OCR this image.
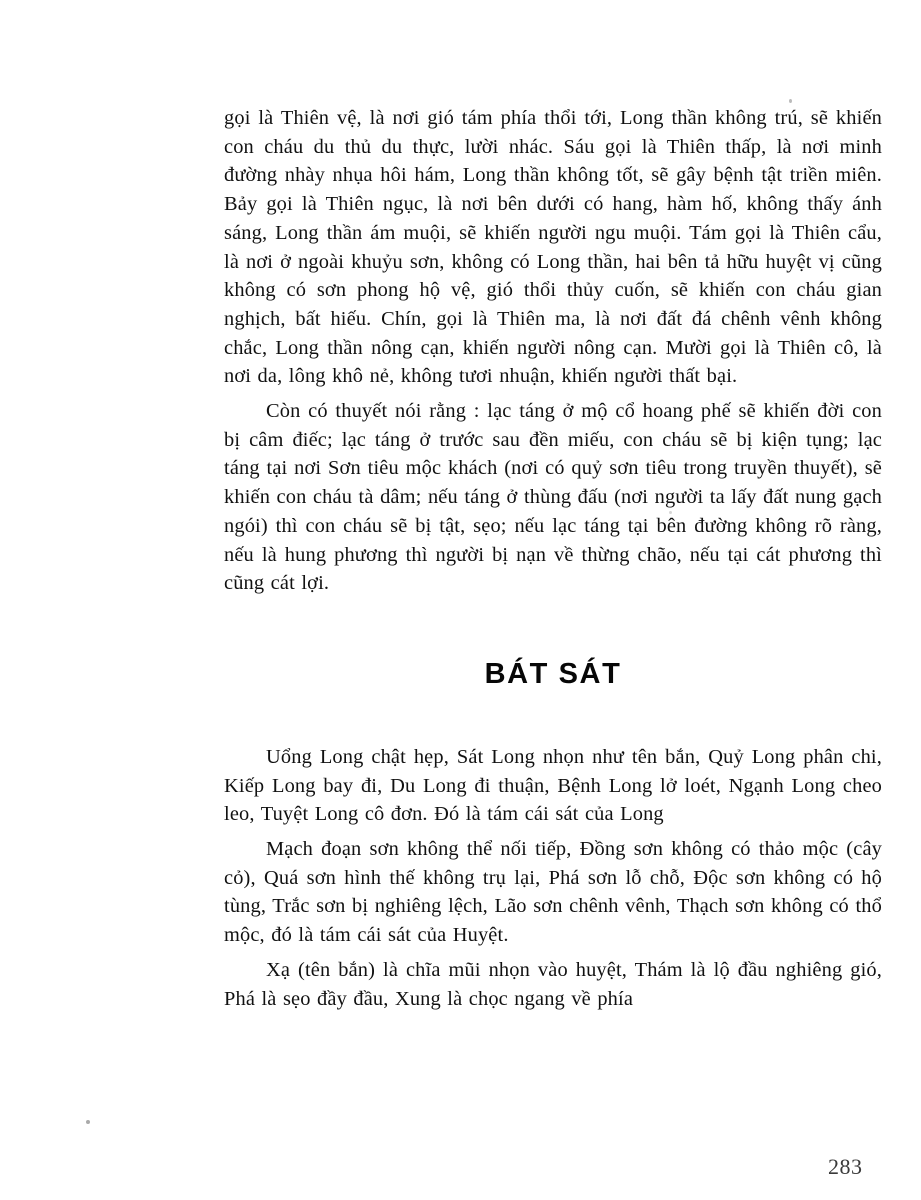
gọi là Thiên vệ, là nơi gió tám phía thổi tới, Long thần không trú, sẽ khiến con cháu du thủ du thực, lười nhác. Sáu gọi là Thiên thấp, là nơi minh đường nhày nhụa hôi hám, Long thần không tốt, sẽ gây bệnh tật triền miên. Bảy gọi là Thiên ngục, là nơi bên dưới có hang, hàm hố, không thấy ánh sáng, Long thần ám muội, sẽ khiến người ngu muội. Tám gọi là Thiên cẩu, là nơi ở ngoài khuỷu sơn, không có Long thần, hai bên tả hữu huyệt vị cũng không có sơn phong hộ vệ, gió thổi thủy cuốn, sẽ khiến con cháu gian nghịch, bất hiếu. Chín, gọi là Thiên ma, là nơi đất đá chênh vênh không chắc, Long thần nông cạn, khiến người nông cạn. Mười gọi là Thiên cô, là nơi da, lông khô nẻ, không tươi nhuận, khiến người thất bại.

Còn có thuyết nói rằng : lạc táng ở mộ cổ hoang phế sẽ khiến đời con bị câm điếc; lạc táng ở trước sau đền miếu, con cháu sẽ bị kiện tụng; lạc táng tại nơi Sơn tiêu mộc khách (nơi có quỷ sơn tiêu trong truyền thuyết), sẽ khiến con cháu tà dâm; nếu táng ở thùng đấu (nơi người ta lấy đất nung gạch ngói) thì con cháu sẽ bị tật, sẹo; nếu lạc táng tại bên đường không rõ ràng, nếu là hung phương thì người bị nạn về thừng chão, nếu tại cát phương thì cũng cát lợi.

BÁT SÁT

Uổng Long chật hẹp, Sát Long nhọn như tên bắn, Quỷ Long phân chi, Kiếp Long bay đi, Du Long đi thuận, Bệnh Long lở loét, Ngạnh Long cheo leo, Tuyệt Long cô đơn. Đó là tám cái sát của Long

Mạch đoạn sơn không thể nối tiếp, Đồng sơn không có thảo mộc (cây cỏ), Quá sơn hình thế không trụ lại, Phá sơn lỗ chỗ, Độc sơn không có hộ tùng, Trắc sơn bị nghiêng lệch, Lão sơn chênh vênh, Thạch sơn không có thổ mộc, đó là tám cái sát của Huyệt.

Xạ (tên bắn) là chĩa mũi nhọn vào huyệt, Thám là lộ đầu nghiêng gió, Phá là sẹo đầy đầu, Xung là chọc ngang về phía

283
